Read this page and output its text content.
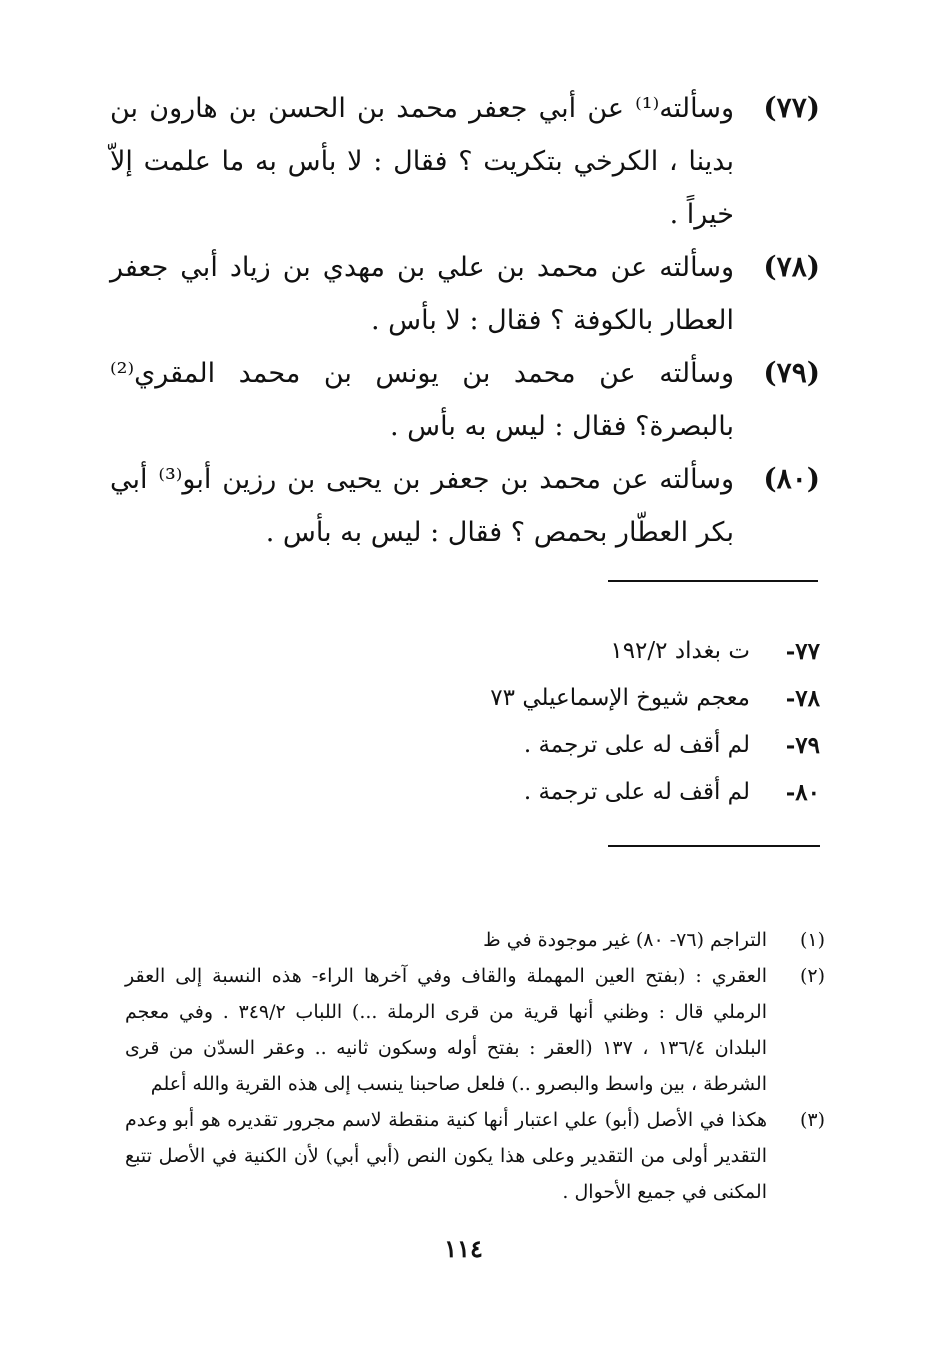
(٧٧)
وسألته⁽¹⁾ عن أبي جعفر محمد بن الحسن بن هارون بن بدينا ، الكرخي بتكريت ؟ فقال : لا بأس به ما علمت إلاّ خيراً .
(٧٨)
وسألته عن محمد بن علي بن مهدي بن زياد أبي جعفر العطار بالكوفة ؟ فقال : لا بأس .
(٧٩)
وسألته عن محمد بن يونس بن محمد المقري⁽²⁾ بالبصرة؟ فقال : ليس به بأس .
(٨٠)
وسألته عن محمد بن جعفر بن يحيى بن رزين أبو⁽³⁾ أبي بكر العطّار بحمص ؟ فقال : ليس به بأس .
٧٧-
ت بغداد ١٩٢/٢
٧٨-
معجم شيوخ الإسماعيلي ٧٣
٧٩-
لم أقف له على ترجمة .
٨٠-
لم أقف له على ترجمة .
(١)
التراجم (٧٦- ٨٠) غير موجودة في ظ
(٢)
العقري : (بفتح العين المهملة والقاف وفي آخرها الراء- هذه النسبة إلى العقر الرملي قال : وظني أنها قرية من قرى الرملة ...) اللباب ٣٤٩/٢ . وفي معجم البلدان ١٣٦/٤ ، ١٣٧ (العقر : بفتح أوله وسكون ثانيه .. وعقر السدّن من قرى الشرطة ، بين واسط والبصرو ..) فلعل صاحبنا ينسب إلى هذه القرية والله أعلم
(٣)
هكذا في الأصل (أبو) علي اعتبار أنها كنية منقطة لاسم مجرور تقديره هو أبو وعدم التقدير أولى من التقدير وعلى هذا يكون النص (أبي أبي) لأن الكنية في الأصل تتبع المكنى في جميع الأحوال .
١١٤
